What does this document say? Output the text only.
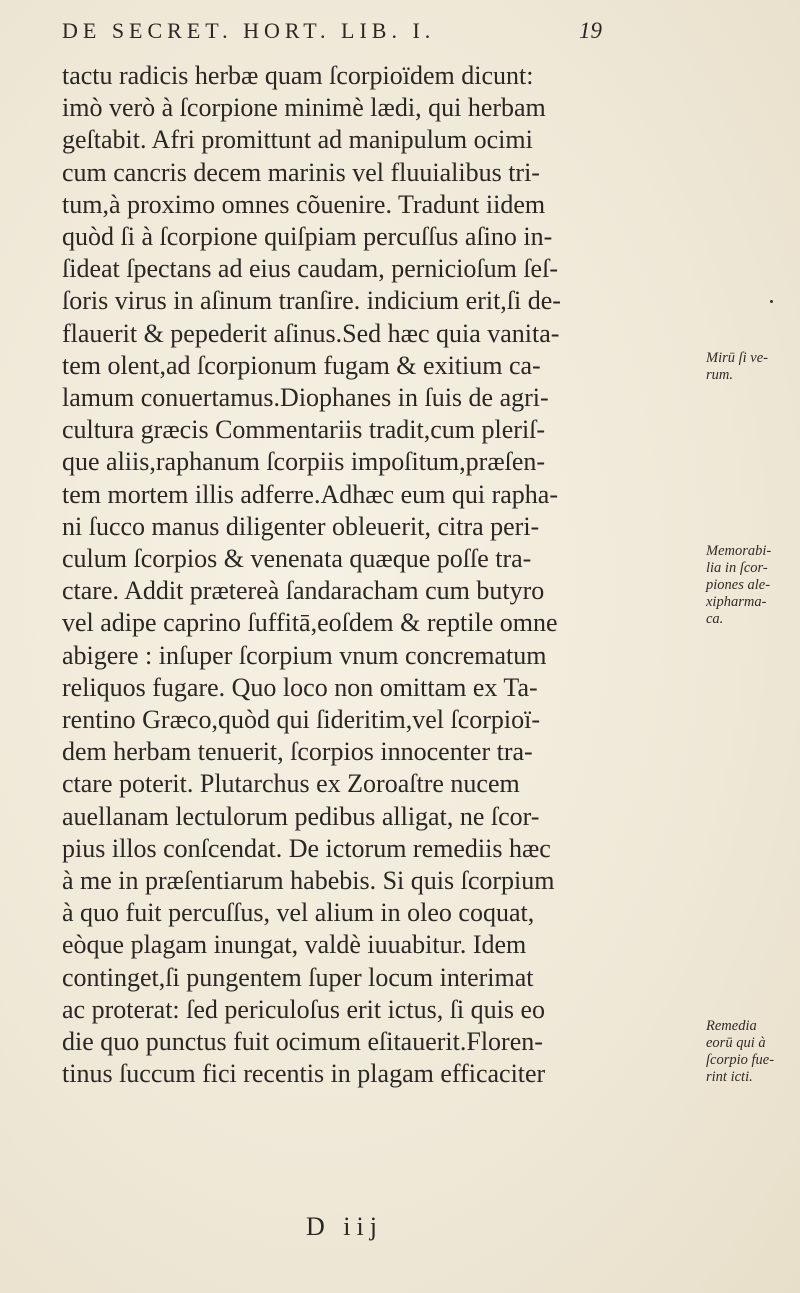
DE SECRET. HORT. LIB. I.	19
tactu radicis herbæ quam ſcorpioïdem dicunt:
imò verò à ſcorpione minimè lædi, qui herbam
geſtabit. Afri promittunt ad manipulum ocimi
cum cancris decem marinis vel fluuialibus tri-
tum,à proximo omnes cõuenire. Tradunt iidem
quòd ſi à ſcorpione quiſpiam percuſſus aſino in-
ſideat ſpectans ad eius caudam, pernicioſum ſeſ-
ſoris virus in aſinum tranſire. indicium erit,ſi de-
flauerit & pepederit aſinus.Sed hæc quia vanita-
tem olent,ad ſcorpionum fugam & exitium ca-
lamum conuertamus.Diophanes in ſuis de agri-
cultura græcis Commentariis tradit,cum pleriſ-
que aliis,raphanum ſcorpiis impoſitum,præſen-
tem mortem illis adferre.Adhæc eum qui rapha-
ni ſucco manus diligenter obleuerit, citra peri-
culum ſcorpios & venenata quæque poſſe tra-
ctare. Addit prætereà ſandaracham cum butyro
vel adipe caprino ſuffitā,eoſdem & reptile omne
abigere : inſuper ſcorpium vnum concrematum
reliquos fugare. Quo loco non omittam ex Ta-
rentino Græco,quòd qui ſideritim,vel ſcorpioï-
dem herbam tenuerit, ſcorpios innocenter tra-
ctare poterit. Plutarchus ex Zoroaſtre nucem
auellanam lectulorum pedibus alligat, ne ſcor-
pius illos conſcendat. De ictorum remediis hæc
à me in præſentiarum habebis. Si quis ſcorpium
à quo fuit percuſſus, vel alium in oleo coquat,
eòque plagam inungat, valdè iuuabitur. Idem
continget,ſi pungentem ſuper locum interimat
ac proterat: ſed periculoſus erit ictus, ſi quis eo
die quo punctus fuit ocimum eſitauerit.Floren-
tinus ſuccum fici recentis in plagam efficaciter
Mirū ſi ve-
rum.
Memorabi-
lia in ſcor-
piones ale-
xipharma-
ca.
Remedia
eorū qui à
ſcorpio fue-
rint icti.
D iij
